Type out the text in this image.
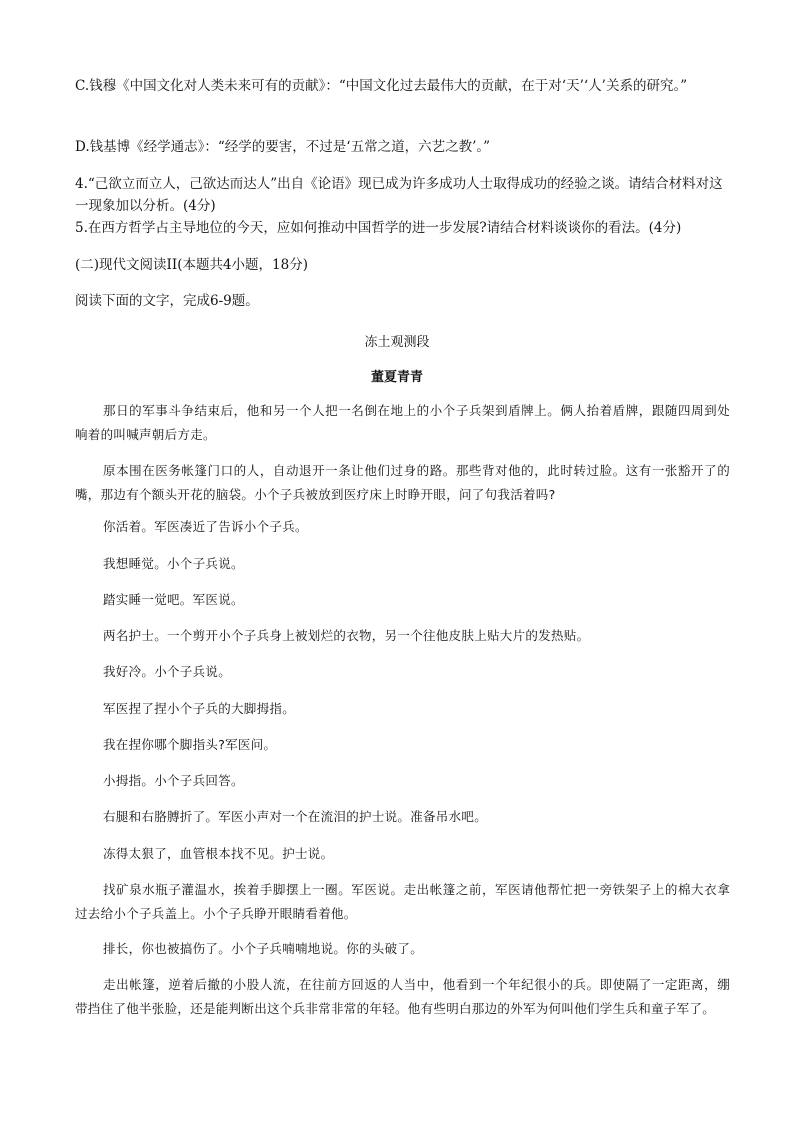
C.钱穆《中国文化对人类未来可有的贡献》：“中国文化过去最伟大的贡献，在于对‘天’‘人’关系的研究。”

D.钱基博《经学通志》：“经学的要害，不过是‘五常之道，六艺之教’。”

4.“己欲立而立人，己欲达而达人”出自《论语》现已成为许多成功人士取得成功的经验之谈。请结合材料对这一现象加以分析。(4分)

5.在西方哲学占主导地位的今天，应如何推动中国哲学的进一步发展?请结合材料谈谈你的看法。(4分)

(二)现代文阅读II(本题共4小题，18分)

阅读下面的文字，完成6-9题。

冻土观测段

董夏青青

那日的军事斗争结束后，他和另一个人把一名倒在地上的小个子兵架到盾牌上。俩人抬着盾牌，跟随四周到处响着的叫喊声朝后方走。

原本围在医务帐篷门口的人，自动退开一条让他们过身的路。那些背对他的，此时转过脸。这有一张豁开了的嘴，那边有个额头开花的脑袋。小个子兵被放到医疗床上时睁开眼，问了句我活着吗?

你活着。军医凑近了告诉小个子兵。

我想睡觉。小个子兵说。

踏实睡一觉吧。军医说。

两名护士。一个剪开小个子兵身上被划烂的衣物，另一个往他皮肤上贴大片的发热贴。

我好冷。小个子兵说。

军医捏了捏小个子兵的大脚拇指。

我在捏你哪个脚指头?军医问。

小拇指。小个子兵回答。

右腿和右胳膊折了。军医小声对一个在流泪的护士说。准备吊水吧。

冻得太狠了，血管根本找不见。护士说。

找矿泉水瓶子灌温水，挨着手脚摆上一圈。军医说。走出帐篷之前，军医请他帮忙把一旁铁架子上的棉大衣拿过去给小个子兵盖上。小个子兵睁开眼睛看着他。

排长，你也被搞伤了。小个子兵喃喃地说。你的头破了。

走出帐篷，逆着后撤的小股人流，在往前方回返的人当中，他看到一个年纪很小的兵。即使隔了一定距离，绷带挡住了他半张脸，还是能判断出这个兵非常非常的年轻。他有些明白那边的外军为何叫他们学生兵和童子军了。
